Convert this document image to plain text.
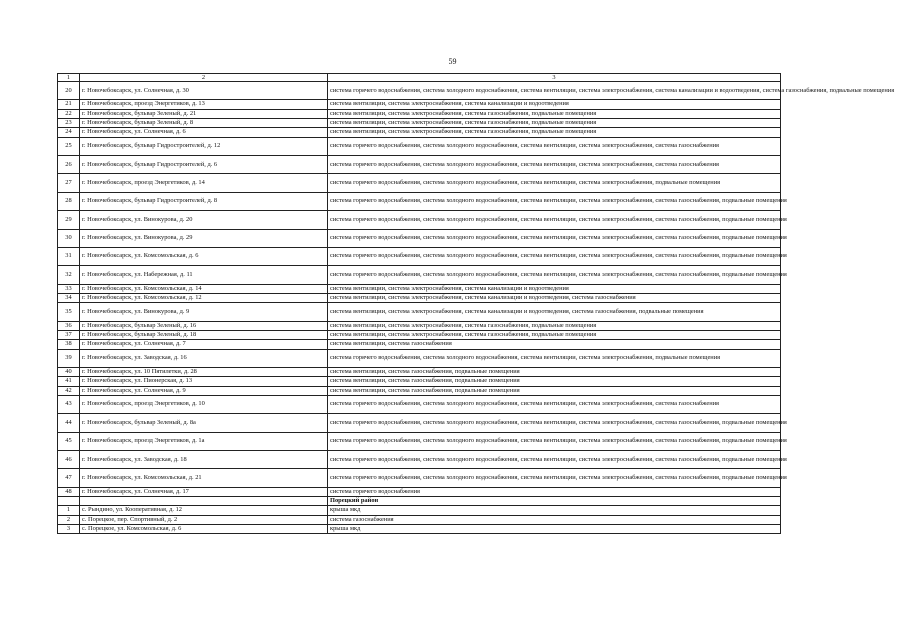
59
1	2	3
20	г. Новочебоксарск, ул. Солнечная, д. 30	система горячего водоснабжения, система холодного водоснабжения, система вентиляции, система электроснабжения, система канализации и водоотведения, система газоснабжения, подвальные помещения
21	г. Новочебоксарск, проезд Энергетиков, д. 13	система вентиляции, система электроснабжения, система канализации и водоотведения
22	г. Новочебоксарск, бульвар Зеленый, д. 21	система вентиляции, система электроснабжения, система газоснабжения, подвальные помещения
23	г. Новочебоксарск, бульвар Зеленый, д. 8	система вентиляции, система электроснабжения, система газоснабжения, подвальные помещения
24	г. Новочебоксарск, ул. Солнечная, д. 6	система вентиляции, система электроснабжения, система газоснабжения, подвальные помещения
25	г. Новочебоксарск, бульвар Гидростроителей, д. 12	система горячего водоснабжения, система холодного водоснабжения, система вентиляции, система электроснабжения, система газоснабжения
26	г. Новочебоксарск, бульвар Гидростроителей, д. 6	система горячего водоснабжения, система холодного водоснабжения, система вентиляции, система электроснабжения, система газоснабжения
27	г. Новочебоксарск, проезд Энергетиков, д. 14	система горячего водоснабжения, система холодного водоснабжения, система вентиляции, система электроснабжения, подвальные помещения
28	г. Новочебоксарск, бульвар Гидростроителей, д. 8	система горячего водоснабжения, система холодного водоснабжения, система вентиляции, система электроснабжения, система газоснабжения, подвальные помещения
29	г. Новочебоксарск, ул. Винокурова, д. 20	система горячего водоснабжения, система холодного водоснабжения, система вентиляции, система электроснабжения, система газоснабжения, подвальные помещения
30	г. Новочебоксарск, ул. Винокурова, д. 29	система горячего водоснабжения, система холодного водоснабжения, система вентиляции, система электроснабжения, система газоснабжения, подвальные помещения
31	г. Новочебоксарск, ул. Комсомольская, д. 6	система горячего водоснабжения, система холодного водоснабжения, система вентиляции, система электроснабжения, система газоснабжения, подвальные помещения
32	г. Новочебоксарск, ул. Набережная, д. 11	система горячего водоснабжения, система холодного водоснабжения, система вентиляции, система электроснабжения, система газоснабжения, подвальные помещения
33	г. Новочебоксарск, ул. Комсомольская, д. 14	система вентиляции, система электроснабжения, система канализации и водоотведения
34	г. Новочебоксарск, ул. Комсомольская, д. 12	система вентиляции, система электроснабжения, система канализации и водоотведения, система газоснабжения
35	г. Новочебоксарск, ул. Винокурова, д. 9	система вентиляции, система электроснабжения, система канализации и водоотведения, система газоснабжения, подвальные помещения
36	г. Новочебоксарск, бульвар Зеленый, д. 16	система вентиляции, система электроснабжения, система газоснабжения, подвальные помещения
37	г. Новочебоксарск, бульвар Зеленый, д. 18	система вентиляции, система электроснабжения, система газоснабжения, подвальные помещения
38	г. Новочебоксарск, ул. Солнечная, д. 7	система вентиляции, система газоснабжения
39	г. Новочебоксарск, ул. Заводская, д. 16	система горячего водоснабжения, система холодного водоснабжения, система вентиляции, система электроснабжения, подвальные помещения
40	г. Новочебоксарск, ул. 10 Пятилетки, д. 28	система вентиляции, система газоснабжения, подвальные помещения
41	г. Новочебоксарск, ул. Пионерская, д. 13	система вентиляции, система газоснабжения, подвальные помещения
42	г. Новочебоксарск, ул. Солнечная, д. 9	система вентиляции, система газоснабжения, подвальные помещения
43	г. Новочебоксарск, проезд Энергетиков, д. 10	система горячего водоснабжения, система холодного водоснабжения, система вентиляции, система электроснабжения, система газоснабжения
44	г. Новочебоксарск, бульвар Зеленый, д. 8а	система горячего водоснабжения, система холодного водоснабжения, система вентиляции, система электроснабжения, система газоснабжения, подвальные помещения
45	г. Новочебоксарск, проезд Энергетиков, д. 1а	система горячего водоснабжения, система холодного водоснабжения, система вентиляции, система электроснабжения, система газоснабжения, подвальные помещения
46	г. Новочебоксарск, ул. Заводская, д. 18	система горячего водоснабжения, система холодного водоснабжения, система вентиляции, система электроснабжения, система газоснабжения, подвальные помещения
47	г. Новочебоксарск, ул. Комсомольская, д. 21	система горячего водоснабжения, система холодного водоснабжения, система вентиляции, система электроснабжения, система газоснабжения, подвальные помещения
48	г. Новочебоксарск, ул. Солнечная, д. 17	система горячего водоснабжения
		Порецкий район
1	с. Рындино, ул. Кооперативная, д. 12	крыша мкд
2	с. Порецкое, пер. Спортивный, д. 2	система газоснабжения
3	с. Порецкое, ул. Комсомольская, д. 6	крыша мкд
